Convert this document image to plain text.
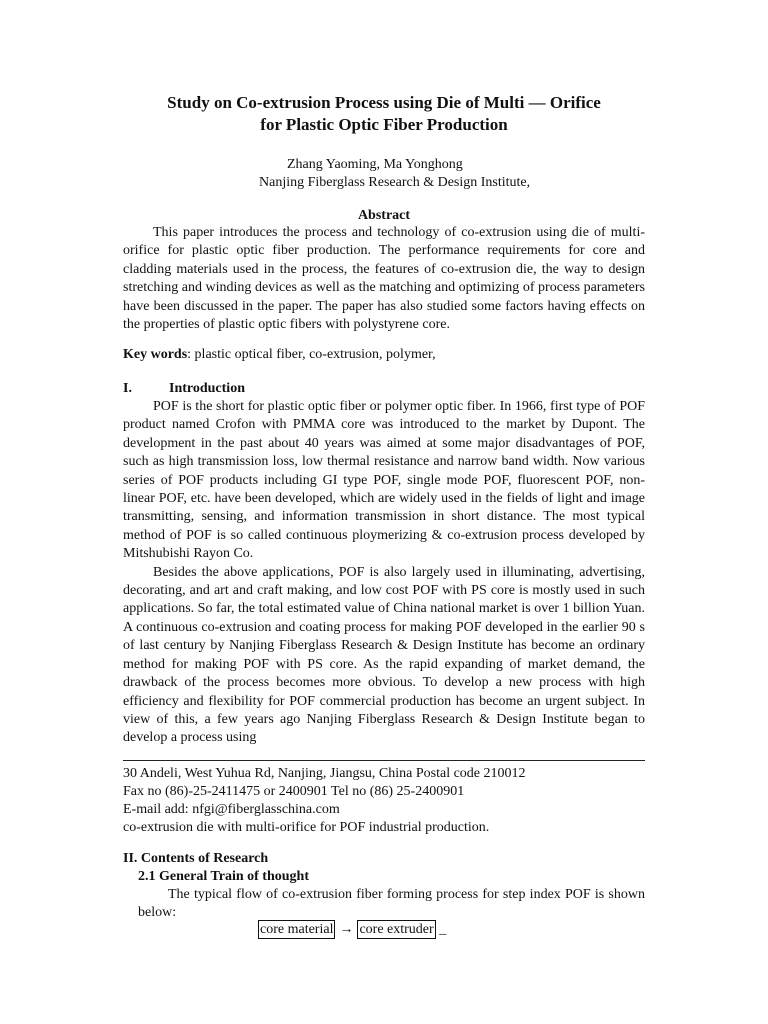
Study on Co-extrusion Process using Die of Multi — Orifice
for Plastic Optic Fiber Production
Zhang Yaoming, Ma Yonghong
Nanjing Fiberglass Research & Design Institute,
Abstract

This paper introduces the process and technology of co-extrusion using die of multi-orifice for plastic optic fiber production. The performance requirements for core and cladding materials used in the process, the features of co-extrusion die, the way to design stretching and winding devices as well as the matching and optimizing of process parameters have been discussed in the paper. The paper has also studied some factors having effects on the properties of plastic optic fibers with polystyrene core.

Key words: plastic optical fiber, co-extrusion, polymer,
I.	Introduction

POF is the short for plastic optic fiber or polymer optic fiber. In 1966, first type of POF product named Crofon with PMMA core was introduced to the market by Dupont. The development in the past about 40 years was aimed at some major disadvantages of POF, such as high transmission loss, low thermal resistance and narrow band width. Now various series of POF products including GI type POF, single mode POF, fluorescent POF, non-linear POF, etc. have been developed, which are widely used in the fields of light and image transmitting, sensing, and information transmission in short distance. The most typical method of POF is so called continuous ploymerizing & co-extrusion process developed by Mitshubishi Rayon Co.

Besides the above applications, POF is also largely used in illuminating, advertising, decorating, and art and craft making, and low cost POF with PS core is mostly used in such applications. So far, the total estimated value of China national market is over 1 billion Yuan. A continuous co-extrusion and coating process for making POF developed in the earlier 90 s of last century by Nanjing Fiberglass Research & Design Institute has become an ordinary method for making POF with PS core. As the rapid expanding of market demand, the drawback of the process becomes more obvious. To develop a new process with high efficiency and flexibility for POF commercial production has become an urgent subject. In view of this, a few years ago Nanjing Fiberglass Research & Design Institute began to develop a process using

30 Andeli, West Yuhua Rd, Nanjing, Jiangsu, China Postal code 210012
Fax no (86)-25-2411475 or 2400901 Tel no (86) 25-2400901
E-mail add: nfgi@fiberglasschina.com
co-extrusion die with multi-orifice for POF industrial production.
II. Contents of Research
2.1 General Train of thought

The typical flow of co-extrusion fiber forming process for step index POF is shown below:

core material → core extruder _
